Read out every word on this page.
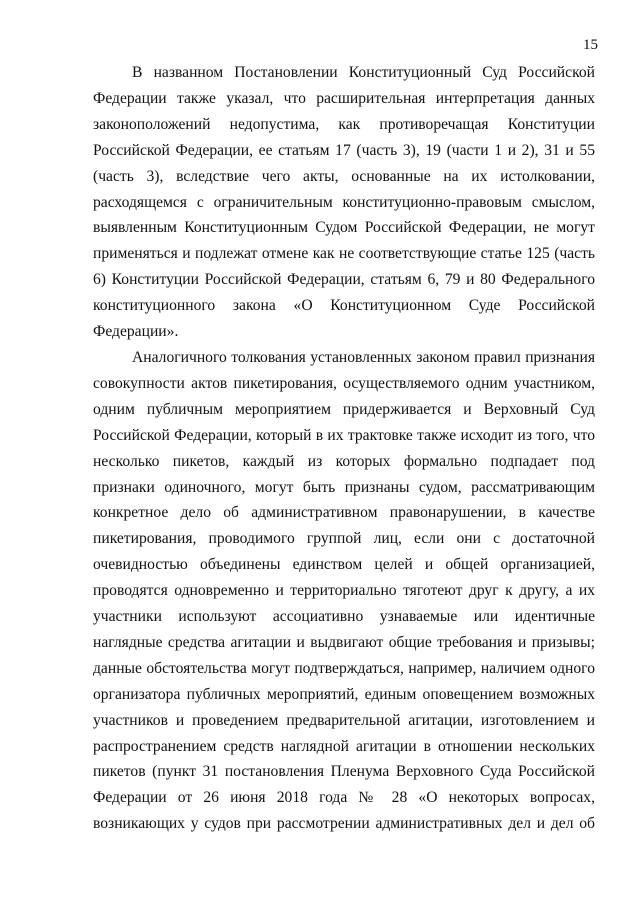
15

В названном Постановлении Конституционный Суд Российской

Федерации также указал, что расширительная интерпретация данных

законоположений недопустима, как противоречащая Конституции

Российской Федерации, ее статьям 17 (часть 3), 19 (части 1 и 2), 31 и 55

(часть 3), вследствие чего акты, основанные на их истолковании,

расходящемся с ограничительным конституционно-правовым смыслом,

выявленным Конституционным Судом Российской Федерации, не могут

применяться и подлежат отмене как не соответствующие статье 125 (часть

6) Конституции Российской Федерации, статьям 6, 79 и 80 Федерального

конституционного закона «О Конституционном Суде Российской

Федерации».

Аналогичного толкования установленных законом правил признания

совокупности актов пикетирования, осуществляемого одним участником,

одним публичным мероприятием придерживается и Верховный Суд

Российской Федерации, который в их трактовке также исходит из того, что

несколько пикетов, каждый из которых формально подпадает под

признаки одиночного, могут быть признаны судом, рассматривающим

конкретное дело об административном правонарушении, в качестве

пикетирования, проводимого группой лиц, если они с достаточной

очевидностью объединены единством целей и общей организацией,

проводятся одновременно и территориально тяготеют друг к другу, а их

участники используют ассоциативно узнаваемые или идентичные

наглядные средства агитации и выдвигают общие требования и призывы;

данные обстоятельства могут подтверждаться, например, наличием одного

организатора публичных мероприятий, единым оповещением возможных

участников и проведением предварительной агитации, изготовлением и

распространением средств наглядной агитации в отношении нескольких

пикетов (пункт 31 постановления Пленума Верховного Суда Российской

Федерации от 26 июня 2018 года № 28 «О некоторых вопросах,

возникающих у судов при рассмотрении административных дел и дел об
